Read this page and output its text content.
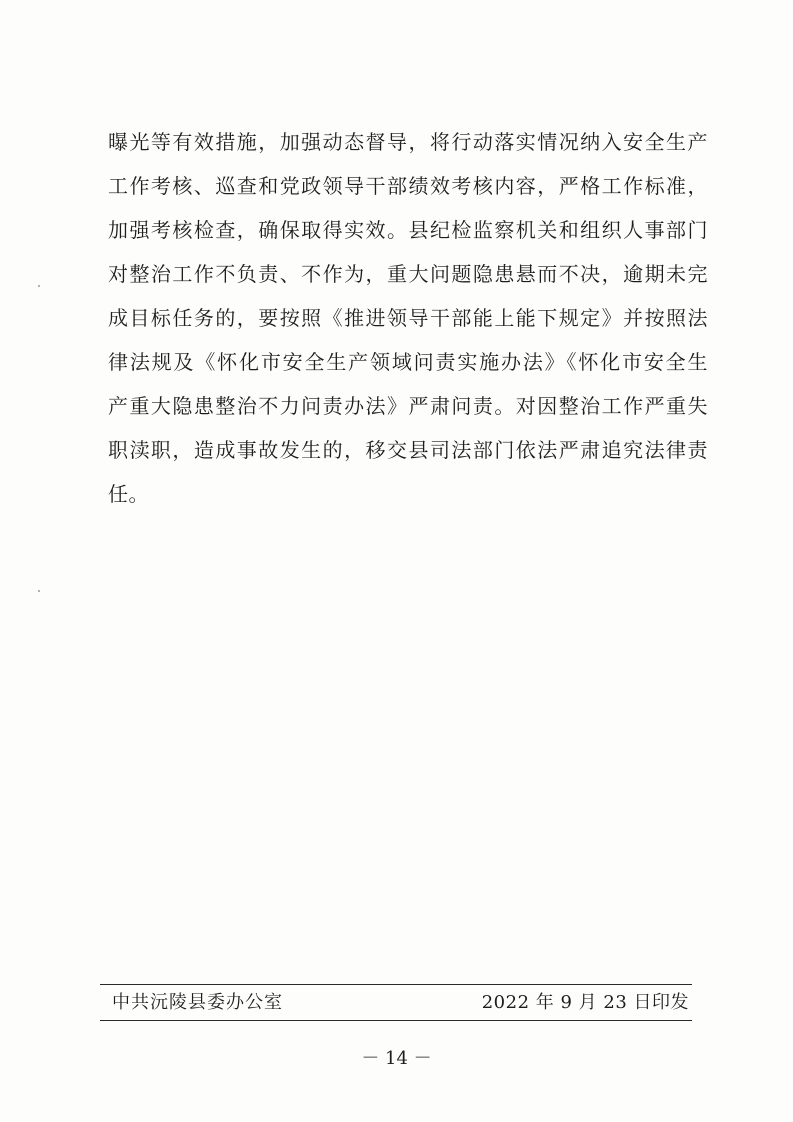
曝光等有效措施，加强动态督导，将行动落实情况纳入安全生产
工作考核、巡查和党政领导干部绩效考核内容，严格工作标准，
加强考核检查，确保取得实效。县纪检监察机关和组织人事部门
对整治工作不负责、不作为，重大问题隐患悬而不决，逾期未完
成目标任务的，要按照《推进领导干部能上能下规定》并按照法
律法规及《怀化市安全生产领域问责实施办法》《怀化市安全生
产重大隐患整治不力问责办法》严肃问责。对因整治工作严重失
职渎职，造成事故发生的，移交县司法部门依法严肃追究法律责
任。
中共沅陵县委办公室	2022 年 9 月 23 日印发
－ 14 －
